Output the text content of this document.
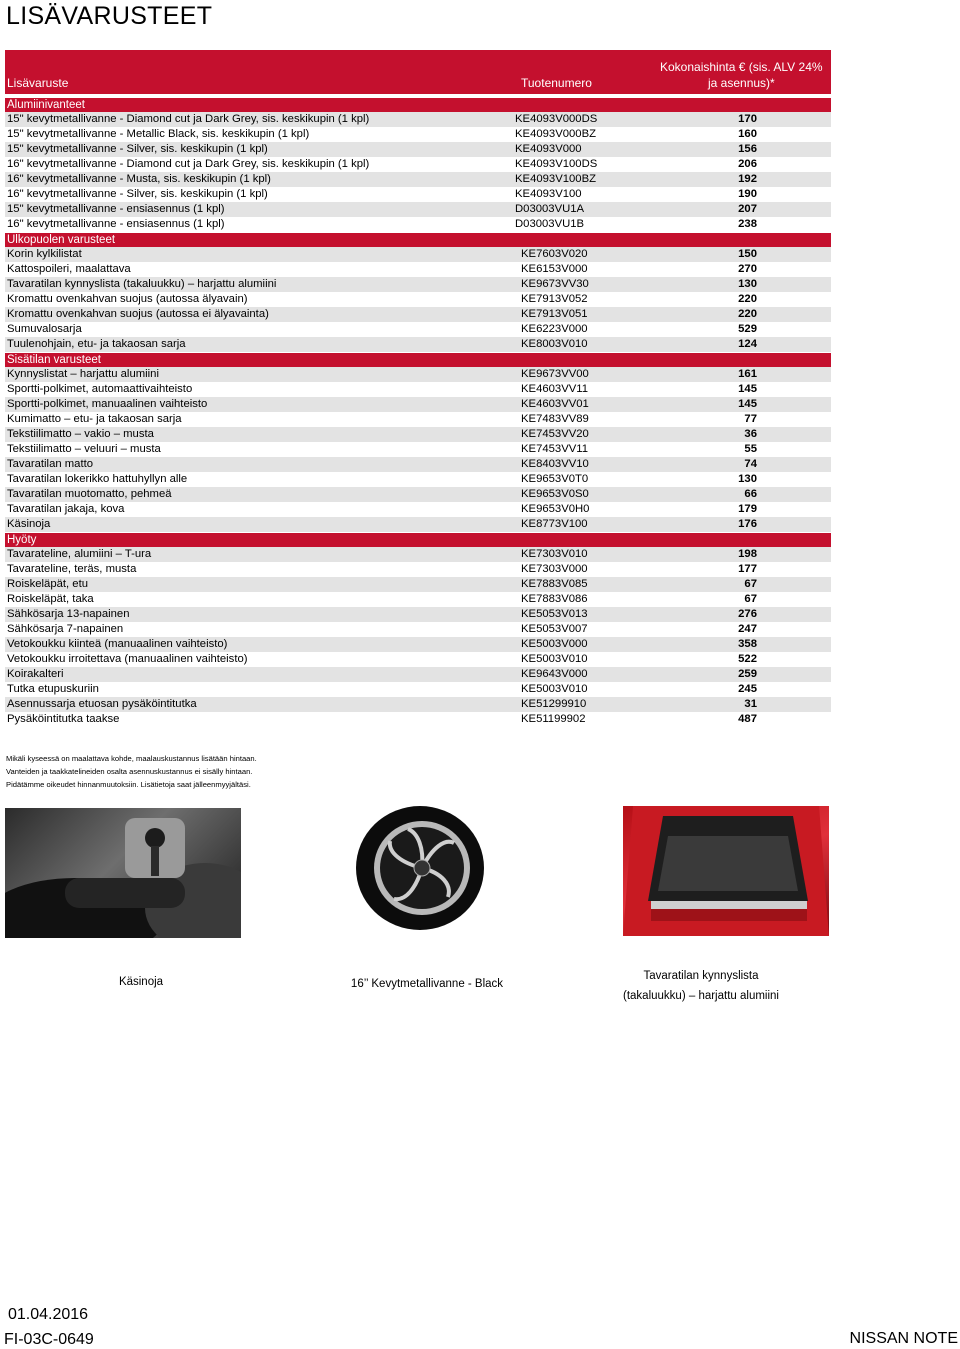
LISÄVARUSTEET
Lisävaruste	Tuotenumero
Kokonaishinta € (sis. ALV 24%
ja asennus)*
Alumiinivanteet
15" kevytmetallivanne - Diamond cut ja Dark Grey, sis. keskikupin (1 kpl)	KE4093V000DS	170
15" kevytmetallivanne - Metallic Black, sis. keskikupin (1 kpl)	KE4093V000BZ	160
15" kevytmetallivanne - Silver, sis. keskikupin (1 kpl)	KE4093V000	156
16" kevytmetallivanne - Diamond cut ja Dark Grey, sis. keskikupin (1 kpl)	KE4093V100DS	206
16" kevytmetallivanne - Musta, sis. keskikupin (1 kpl)	KE4093V100BZ	192
16" kevytmetallivanne - Silver, sis. keskikupin (1 kpl)	KE4093V100	190
15" kevytmetallivanne - ensiasennus (1 kpl)	D03003VU1A	207
16" kevytmetallivanne - ensiasennus (1 kpl)	D03003VU1B	238
Ulkopuolen varusteet
Korin kylkilistat	KE7603V020	150
Kattospoileri, maalattava	KE6153V000	270
Tavaratilan kynnyslista (takaluukku) – harjattu alumiini	KE9673VV30	130
Kromattu ovenkahvan suojus (autossa älyavain)	KE7913V052	220
Kromattu ovenkahvan suojus (autossa ei älyavainta)	KE7913V051	220
Sumuvalosarja	KE6223V000	529
Tuulenohjain, etu- ja takaosan sarja	KE8003V010	124
Sisätilan varusteet
Kynnyslistat – harjattu alumiini	KE9673VV00	161
Sportti-polkimet, automaattivaihteisto	KE4603VV11	145
Sportti-polkimet, manuaalinen vaihteisto	KE4603VV01	145
Kumimatto – etu- ja takaosan sarja	KE7483VV89	77
Tekstiilimatto – vakio – musta	KE7453VV20	36
Tekstiilimatto – veluuri – musta	KE7453VV11	55
Tavaratilan matto	KE8403VV10	74
Tavaratilan lokerikko hattuhyllyn alle	KE9653V0T0	130
Tavaratilan muotomatto, pehmeä	KE9653V0S0	66
Tavaratilan jakaja, kova	KE9653V0H0	179
Käsinoja	KE8773V100	176
Hyöty
Tavarateline, alumiini – T-ura	KE7303V010	198
Tavarateline, teräs, musta	KE7303V000	177
Roiskeläpät, etu	KE7883V085	67
Roiskeläpät, taka	KE7883V086	67
Sähkösarja 13-napainen	KE5053V013	276
Sähkösarja 7-napainen	KE5053V007	247
Vetokoukku kiinteä (manuaalinen vaihteisto)	KE5003V000	358
Vetokoukku irroitettava (manuaalinen vaihteisto)	KE5003V010	522
Koirakalteri	KE9643V000	259
Tutka etupuskuriin	KE5003V010	245
Asennussarja etuosan pysäköintitutka	KE51299910	31
Pysäköintitutka taakse	KE51199902	487
Mikäli kyseessä on maalattava kohde, maalauskustannus lisätään hintaan.
Vanteiden ja taakkatelineiden osalta asennuskustannus ei sisälly hintaan.
Pidätämme oikeudet hinnanmuutoksiin. Lisätietoja saat jälleenmyyjältäsi.
Käsinoja	16’’ Kevytmetallivanne - Black
Tavaratilan kynnyslista
(takaluukku) – harjattu alumiini
01.04.2016
FI-03C-0649	NISSAN NOTE
